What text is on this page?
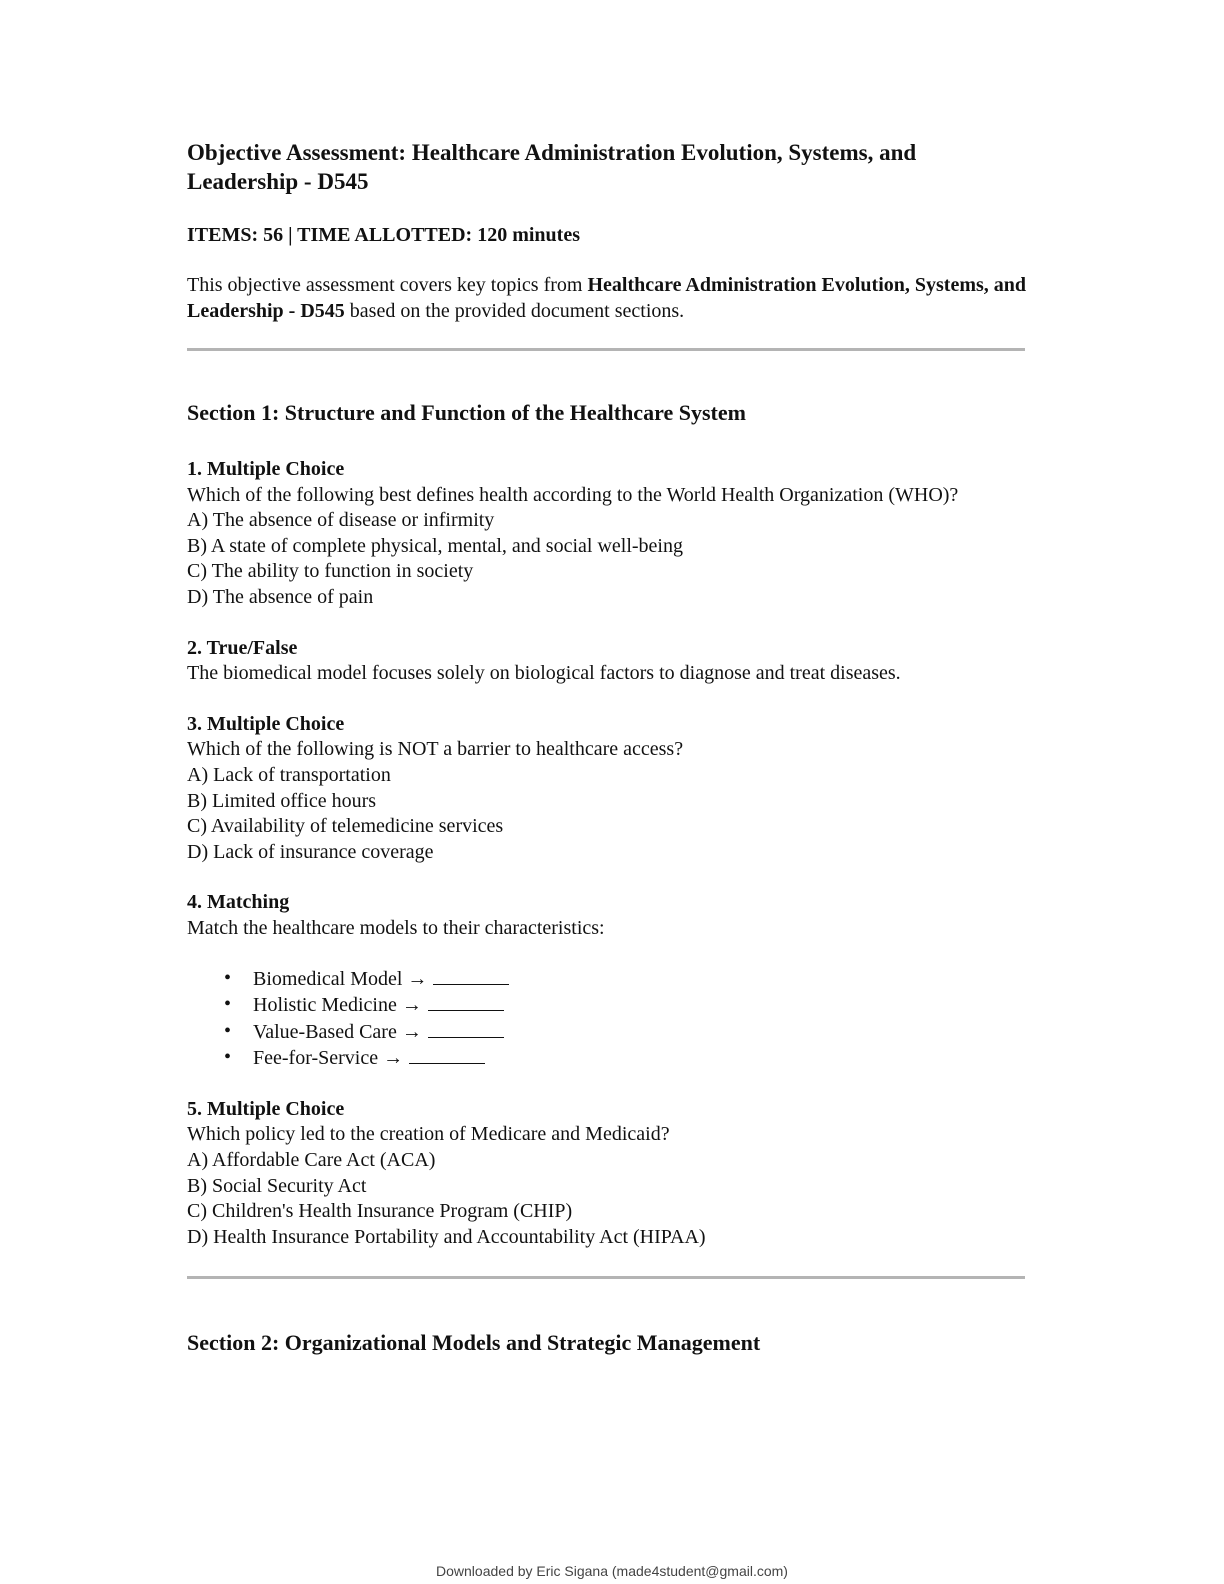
Objective Assessment: Healthcare Administration Evolution, Systems, and Leadership - D545
ITEMS: 56 | TIME ALLOTTED: 120 minutes
This objective assessment covers key topics from Healthcare Administration Evolution, Systems, and Leadership - D545 based on the provided document sections.
Section 1: Structure and Function of the Healthcare System
1. Multiple Choice
Which of the following best defines health according to the World Health Organization (WHO)?
A) The absence of disease or infirmity
B) A state of complete physical, mental, and social well-being
C) The ability to function in society
D) The absence of pain
2. True/False
The biomedical model focuses solely on biological factors to diagnose and treat diseases.
3. Multiple Choice
Which of the following is NOT a barrier to healthcare access?
A) Lack of transportation
B) Limited office hours
C) Availability of telemedicine services
D) Lack of insurance coverage
4. Matching
Match the healthcare models to their characteristics:
• Biomedical Model →
• Holistic Medicine →
• Value-Based Care →
• Fee-for-Service →
5. Multiple Choice
Which policy led to the creation of Medicare and Medicaid?
A) Affordable Care Act (ACA)
B) Social Security Act
C) Children's Health Insurance Program (CHIP)
D) Health Insurance Portability and Accountability Act (HIPAA)
Section 2: Organizational Models and Strategic Management
Downloaded by Eric Sigana (made4student@gmail.com)
